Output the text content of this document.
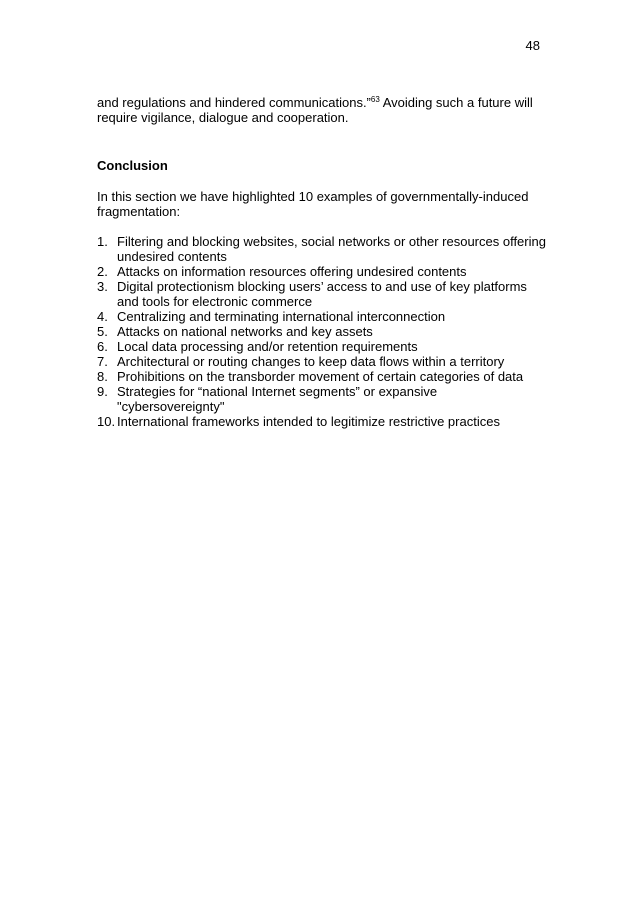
48

and regulations and hindered communications.”$^{63}$ Avoiding such a future will require vigilance, dialogue and cooperation.

Conclusion

In this section we have highlighted 10 examples of governmentally-induced fragmentation:

1. Filtering and blocking websites, social networks or other resources offering undesired contents
2. Attacks on information resources offering undesired contents
3. Digital protectionism blocking users’ access to and use of key platforms and tools for electronic commerce
4. Centralizing and terminating international interconnection
5. Attacks on national networks and key assets
6. Local data processing and/or retention requirements
7. Architectural or routing changes to keep data flows within a territory
8. Prohibitions on the transborder movement of certain categories of data
9. Strategies for “national Internet segments” or expansive "cybersovereignty"
10. International frameworks intended to legitimize restrictive practices
